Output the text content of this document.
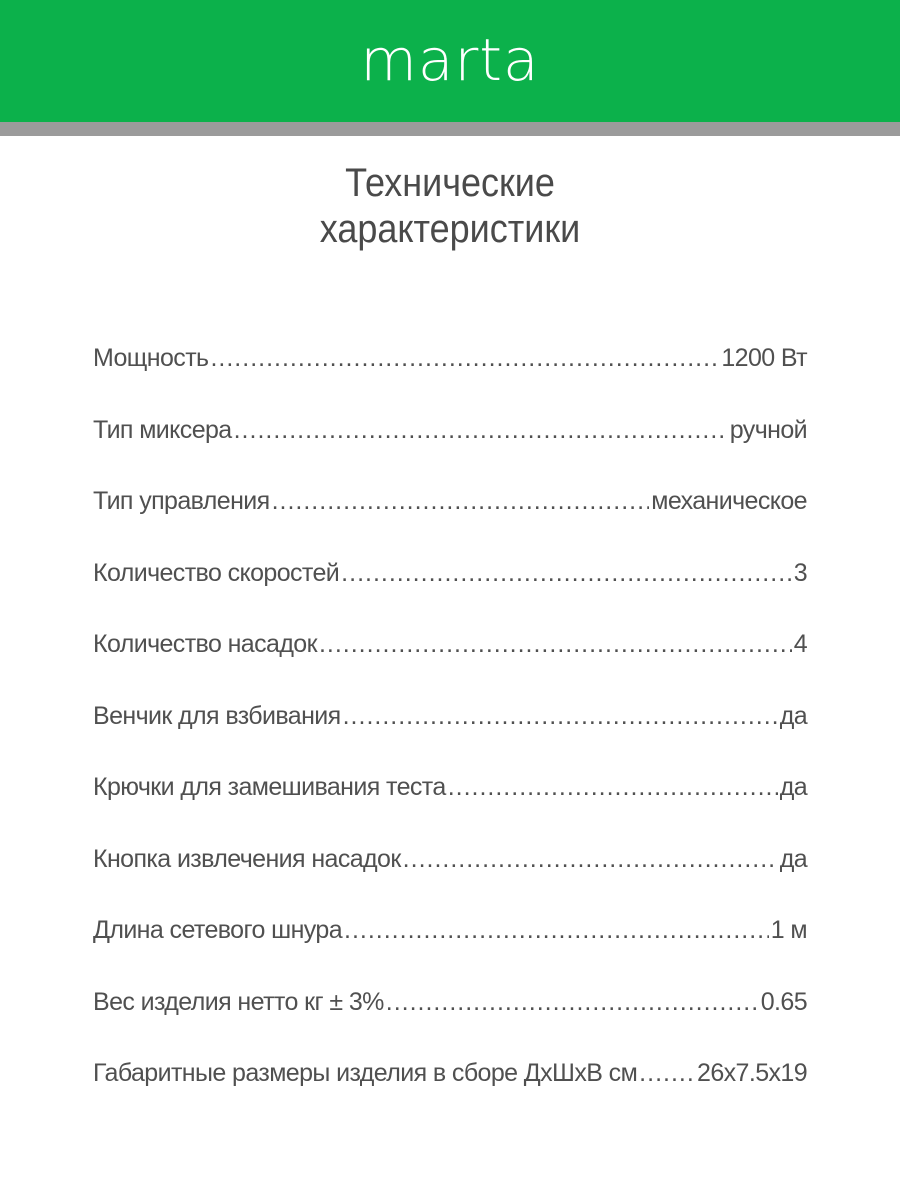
marta
Технические
характеристики
Мощность .....	1200 Вт
Тип миксера .....	ручной
Тип управления .....	механическое
Количество скоростей .....	3
Количество насадок .....	4
Венчик для взбивания .....	да
Крючки для замешивания теста .....	да
Кнопка извлечения насадок .....	да
Длина сетевого шнура .....	1 м
Вес изделия нетто кг ± 3% .....	0.65
Габаритные размеры изделия в сборе ДхШхВ см ..... 26x7.5x19
